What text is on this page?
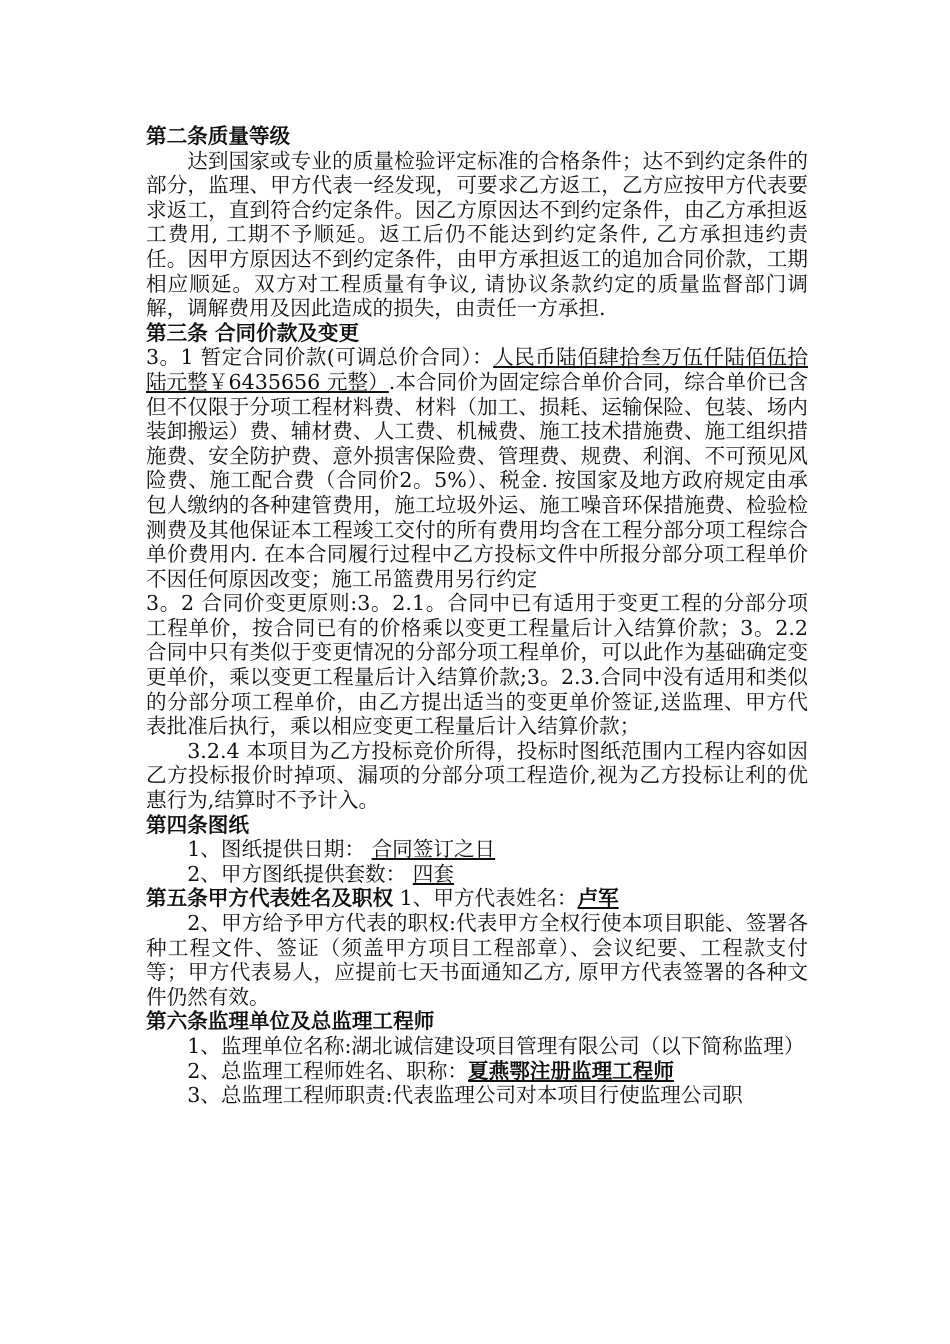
第二条质量等级

达到国家或专业的质量检验评定标准的合格条件；达不到约定条件的部分，监理、甲方代表一经发现，可要求乙方返工，乙方应按甲方代表要求返工，直到符合约定条件。因乙方原因达不到约定条件，由乙方承担返工费用, 工期不予顺延。返工后仍不能达到约定条件, 乙方承担违约责任。因甲方原因达不到约定条件，由甲方承担返工的追加合同价款，工期相应顺延。双方对工程质量有争议, 请协议条款约定的质量监督部门调解，调解费用及因此造成的损失，由责任一方承担.

第三条 合同价款及变更

3。1 暂定合同价款(可调总价合同）：人民币陆佰肆拾叁万伍仟陆佰伍拾陆元整￥6435656 元整）.本合同价为固定综合单价合同，综合单价已含但不仅限于分项工程材料费、材料（加工、损耗、运输保险、包装、场内装卸搬运）费、辅材费、人工费、机械费、施工技术措施费、施工组织措施费、安全防护费、意外损害保险费、管理费、规费、利润、不可预见风险费、施工配合费（合同价2。5%）、税金. 按国家及地方政府规定由承包人缴纳的各种建管费用，施工垃圾外运、施工噪音环保措施费、检验检测费及其他保证本工程竣工交付的所有费用均含在工程分部分项工程综合单价费用内. 在本合同履行过程中乙方投标文件中所报分部分项工程单价不因任何原因改变；施工吊篮费用另行约定

3。2 合同价变更原则:3。2.1。合同中已有适用于变更工程的分部分项工程单价，按合同已有的价格乘以变更工程量后计入结算价款；3。2.2 合同中只有类似于变更情况的分部分项工程单价，可以此作为基础确定变更单价，乘以变更工程量后计入结算价款;3。2.3.合同中没有适用和类似的分部分项工程单价，由乙方提出适当的变更单价签证,送监理、甲方代表批准后执行，乘以相应变更工程量后计入结算价款；

3.2.4 本项目为乙方投标竞价所得，投标时图纸范围内工程内容如因乙方投标报价时掉项、漏项的分部分项工程造价,视为乙方投标让利的优惠行为,结算时不予计入。

第四条图纸

1、图纸提供日期： 合同签订之日

2、甲方图纸提供套数： 四套

第五条甲方代表姓名及职权 1、甲方代表姓名：卢军

2、甲方给予甲方代表的职权:代表甲方全权行使本项目职能、签署各种工程文件、签证（须盖甲方项目工程部章）、会议纪要、工程款支付等；甲方代表易人，应提前七天书面通知乙方, 原甲方代表签署的各种文件仍然有效。

第六条监理单位及总监理工程师

1、监理单位名称:湖北诚信建设项目管理有限公司（以下简称监理）

2、总监理工程师姓名、职称：夏燕鄂注册监理工程师

3、总监理工程师职责:代表监理公司对本项目行使监理公司职
